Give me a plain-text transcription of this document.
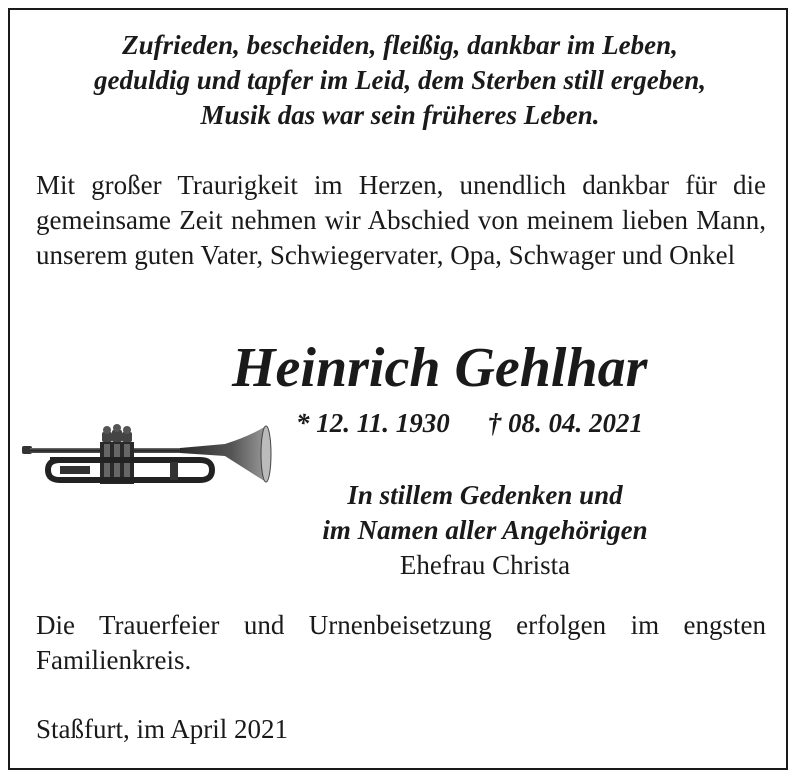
Zufrieden, bescheiden, fleißig, dankbar im Leben,
geduldig und tapfer im Leid, dem Sterben still ergeben,
Musik das war sein früheres Leben.
Mit großer Traurigkeit im Herzen, unendlich dankbar für die gemeinsame Zeit nehmen wir Abschied von meinem lieben Mann, unserem guten Vater, Schwiegervater, Opa, Schwager und Onkel
Heinrich Gehlhar
* 12. 11. 1930 † 08. 04. 2021
In stillem Gedenken und
im Namen aller Angehörigen
Ehefrau Christa
Die Trauerfeier und Urnenbeisetzung erfolgen im engsten Familienkreis.
Staßfurt, im April 2021
